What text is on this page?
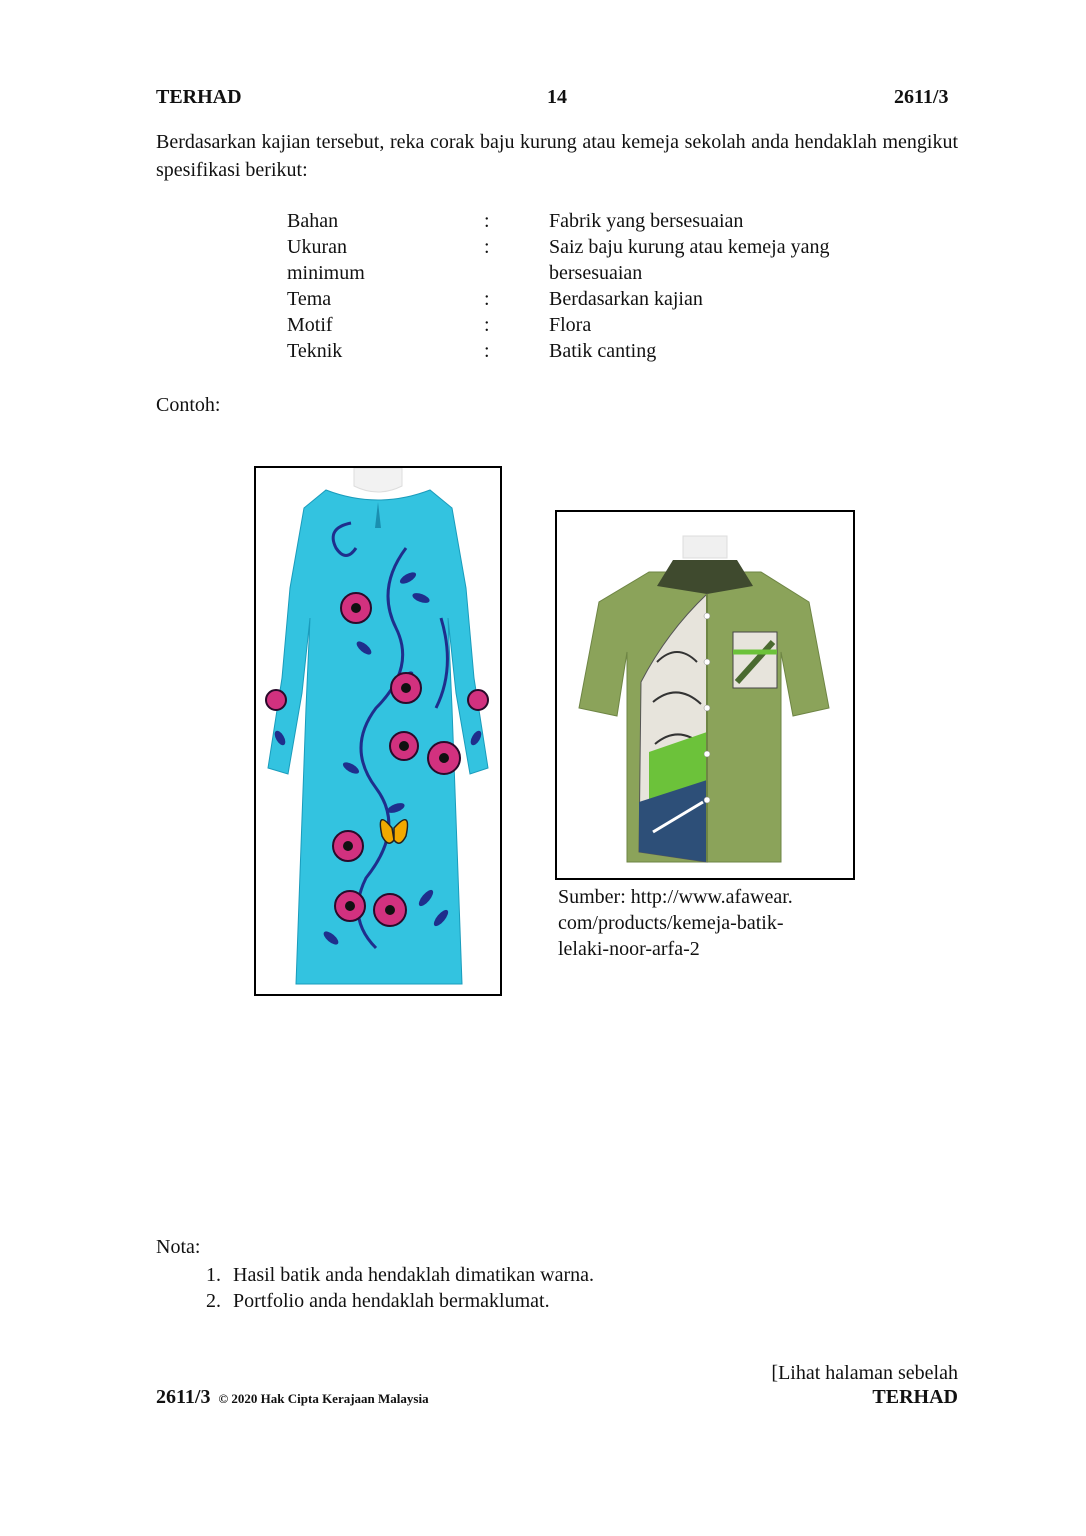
TERHAD	14	2611/3
Berdasarkan kajian tersebut, reka corak baju kurung atau kemeja sekolah anda hendaklah mengikut spesifikasi berikut:
Bahan	:	Fabrik yang bersesuaian
Ukuran minimum
:	Saiz baju kurung atau kemeja yang bersesuaian
Tema	:	Berdasarkan kajian
Motif	:	Flora
Teknik	:	Batik canting
Contoh:
Sumber: http://www.afawear.
com/products/kemeja-batik-
lelaki-noor-arfa-2
Nota:
1. Hasil batik anda hendaklah dimatikan warna.
2. Portfolio anda hendaklah bermaklumat.
[Lihat halaman sebelah
2611/3 © 2020 Hak Cipta Kerajaan Malaysia	TERHAD
